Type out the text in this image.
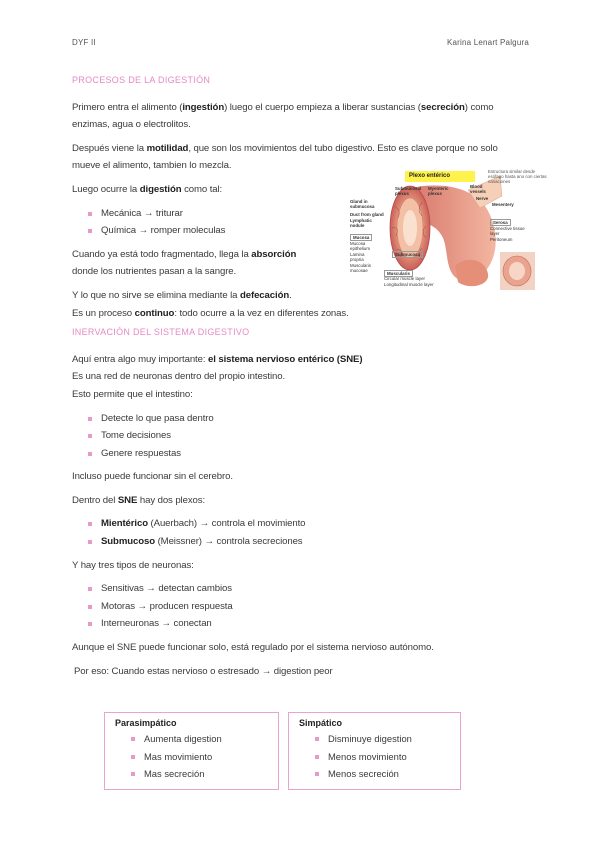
DYF II	Karina Lenart Palgura

PROCESOS DE LA DIGESTIÓN

Primero entra el alimento (ingestión) luego el cuerpo empieza a liberar sustancias (secreción) como enzimas, agua o electrolitos.

Después viene la motilidad, que son los movimientos del tubo digestivo. Esto es clave porque no solo mueve el alimento, tambien lo mezcla.

Luego ocurre la digestión como tal:

Mecánica → triturar
Química → romper moleculas

Cuando ya está todo fragmentado, llega la absorción
donde los nutrientes pasan a la sangre.

Y lo que no sirve se elimina mediante la defecación.

Es un proceso continuo: todo ocurre a la vez en diferentes zonas.

INERVACIÓN DEL SISTEMA DIGESTIVO

Aquí entra algo muy importante: el sistema nervioso entérico (SNE)

Es una red de neuronas dentro del propio intestino.

Esto permite que el intestino:

Detecte lo que pasa dentro
Tome decisiones
Genere respuestas

Incluso puede funcionar sin el cerebro.

Dentro del SNE hay dos plexos:

Mientérico (Auerbach) → controla el movimiento
Submucoso (Meissner) → controla secreciones

Y hay tres tipos de neuronas:

Sensitivas → detectan cambios
Motoras → producen respuesta
Interneuronas → conectan

Aunque el SNE puede funcionar solo, está regulado por el sistema nervioso autónomo.

Por eso: Cuando estas nervioso o estresado → digestion peor

Plexo entérico
Estructura similar desde esófago hasta ano con ciertas variaciones
Submucosal plexus
Myenteric plexus
Blood vessels
Nerve
Mesentery
Gland in submucosa
Duct from gland
Lymphatic nodule
Mucosa
Mucosa epithelium
Lamina propria
Muscularis mucosae
Submucosa
Muscularis
Circular muscle layer
Longitudinal muscle layer
Serosa
Connective tissue layer
Peritoneum
Parasimpático
Aumenta digestion
Mas movimiento
Mas secreción
Simpático
Disminuye digestion
Menos movimiento
Menos secreción
